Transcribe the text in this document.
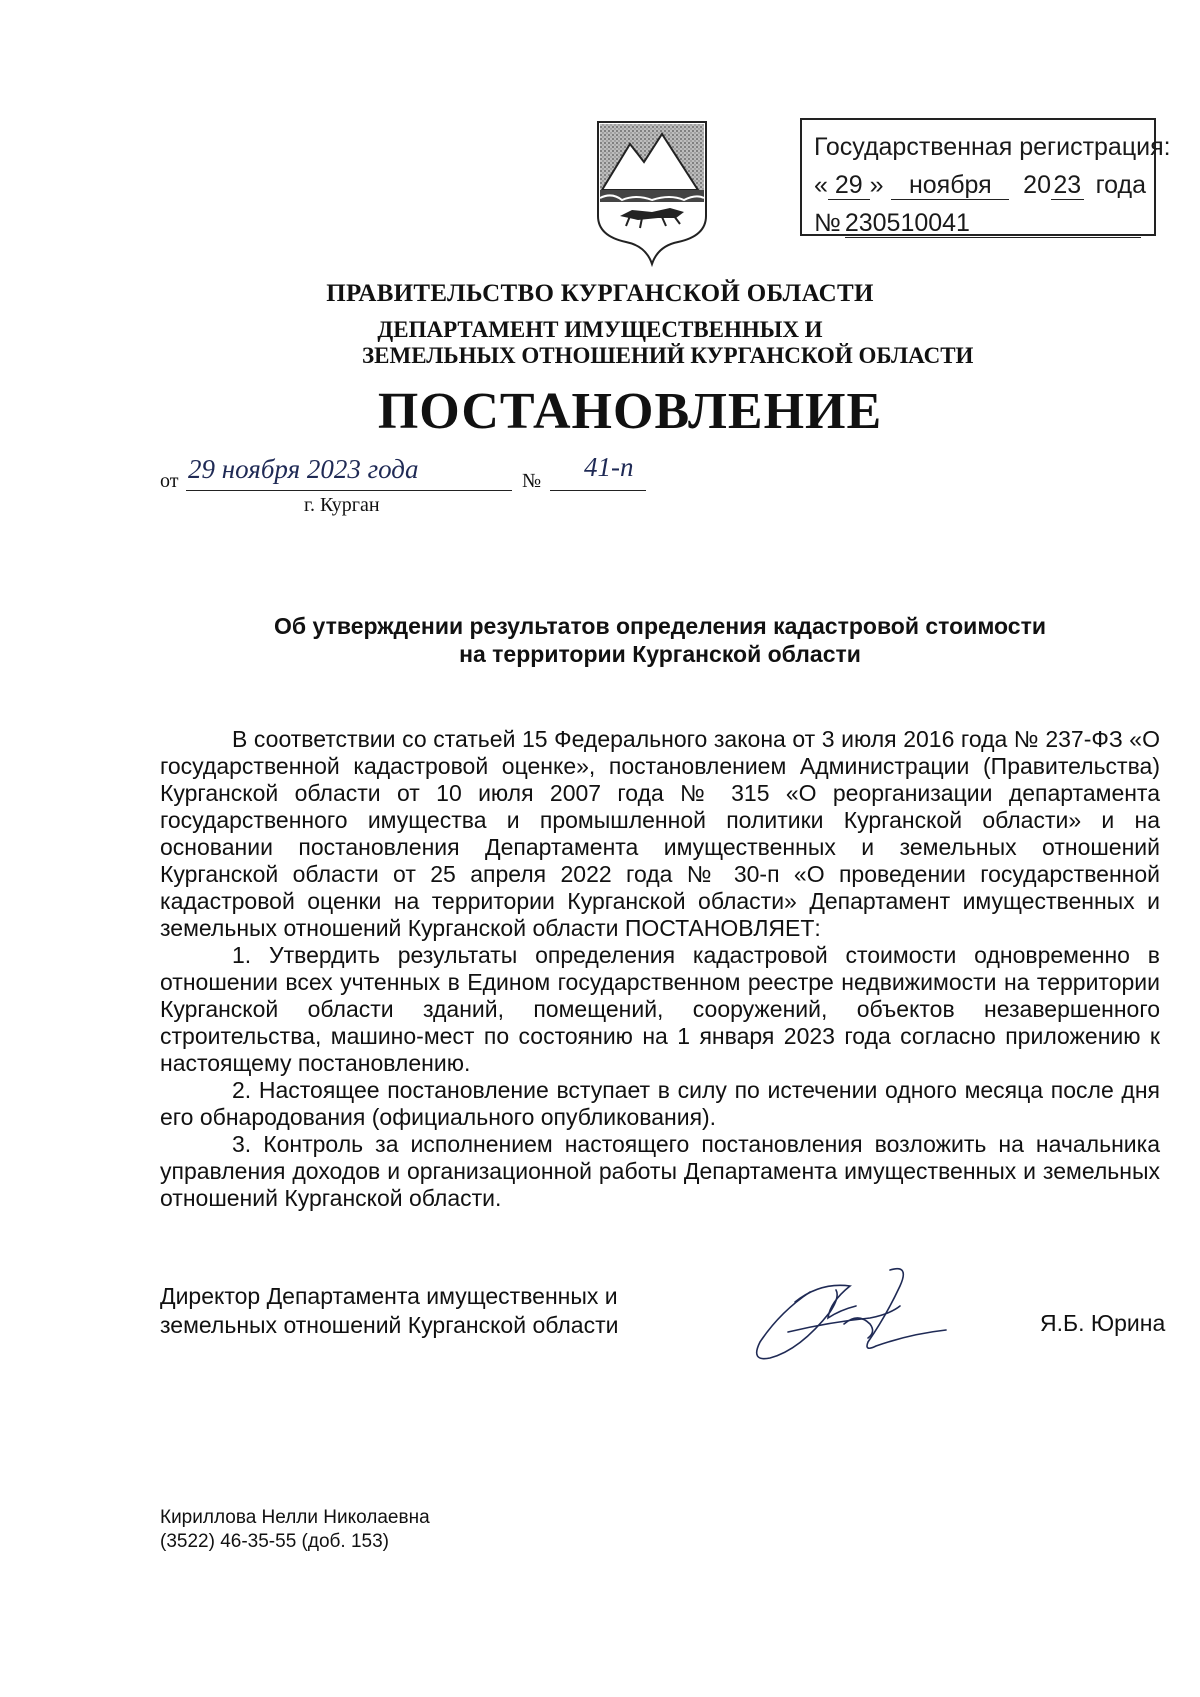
Государственная регистрация:
« 29 »	ноября	20 23 года
№ 230510041
ПРАВИТЕЛЬСТВО КУРГАНСКОЙ ОБЛАСТИ
ДЕПАРТАМЕНТ ИМУЩЕСТВЕННЫХ И
ЗЕМЕЛЬНЫХ ОТНОШЕНИЙ КУРГАНСКОЙ ОБЛАСТИ
ПОСТАНОВЛЕНИЕ
от 29 ноября 2023 года	№ 41-п
г. Курган
Об утверждении результатов определения кадастровой стоимости
на территории Курганской области

В соответствии со статьей 15 Федерального закона от 3 июля 2016 года № 237-ФЗ «О государственной кадастровой оценке», постановлением Администрации (Правительства) Курганской области от 10 июля 2007 года № 315 «О реорганизации департамента государственного имущества и промышленной политики Курганской области» и на основании постановления Департамента имущественных и земельных отношений Курганской области от 25 апреля 2022 года № 30-п «О проведении государственной кадастровой оценки на территории Курганской области» Департамент имущественных и земельных отношений Курганской области ПОСТАНОВЛЯЕТ:

1. Утвердить результаты определения кадастровой стоимости одновременно в отношении всех учтенных в Едином государственном реестре недвижимости на территории Курганской области зданий, помещений, сооружений, объектов незавершенного строительства, машино-мест по состоянию на 1 января 2023 года согласно приложению к настоящему постановлению.

2. Настоящее постановление вступает в силу по истечении одного месяца после дня его обнародования (официального опубликования).

3. Контроль за исполнением настоящего постановления возложить на начальника управления доходов и организационной работы Департамента имущественных и земельных отношений Курганской области.

Директор Департамента имущественных и
земельных отношений Курганской области	Я.Б. Юрина
Кириллова Нелли Николаевна
(3522) 46-35-55 (доб. 153)
